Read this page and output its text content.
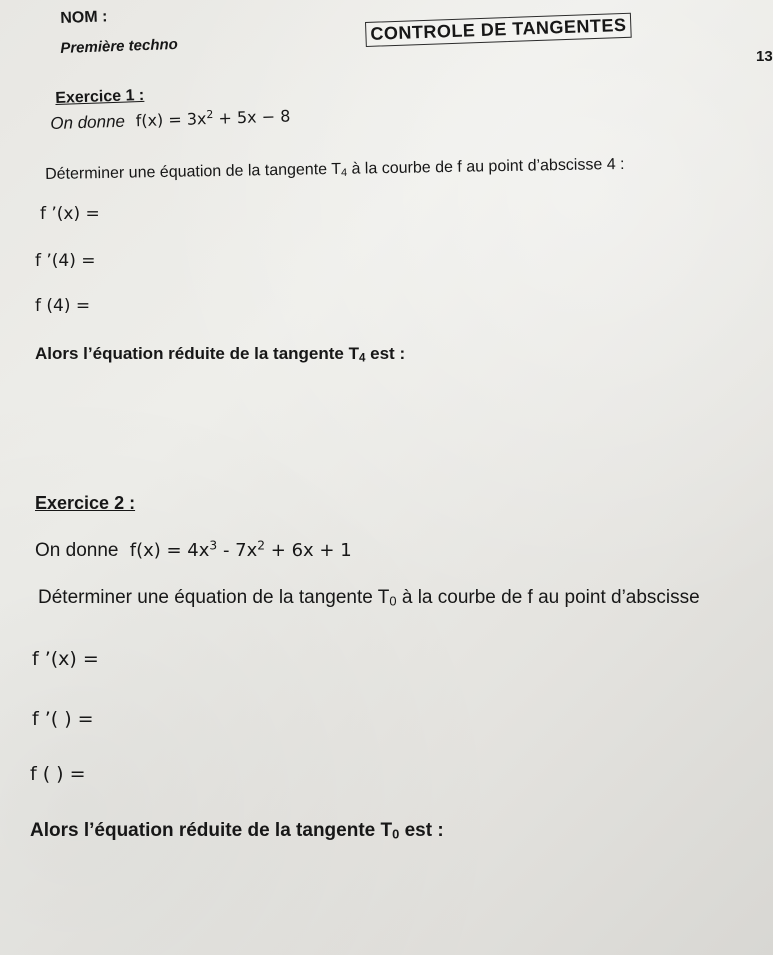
NOM :	CONTROLE DE TANGENTES
Première techno	13
Exercice 1 :
On donne $f(x) = 3x^2 + 5x - 8$
Déterminer une équation de la tangente $T_4$ à la courbe de f au point d’abscisse 4 :
f ’(x) =
f ’(4) =
f (4) =
Alors l’équation réduite de la tangente $T_4$ est :
Exercice 2 :
On donne $f(x) = 4x^3 - 7x^2 + 6x + 1$
Déterminer une équation de la tangente $T_0$ à la courbe de f au point d’abscisse
f ’(x) =
f ’( ) =
f ( ) =
Alors l’équation réduite de la tangente $T_0$ est :
